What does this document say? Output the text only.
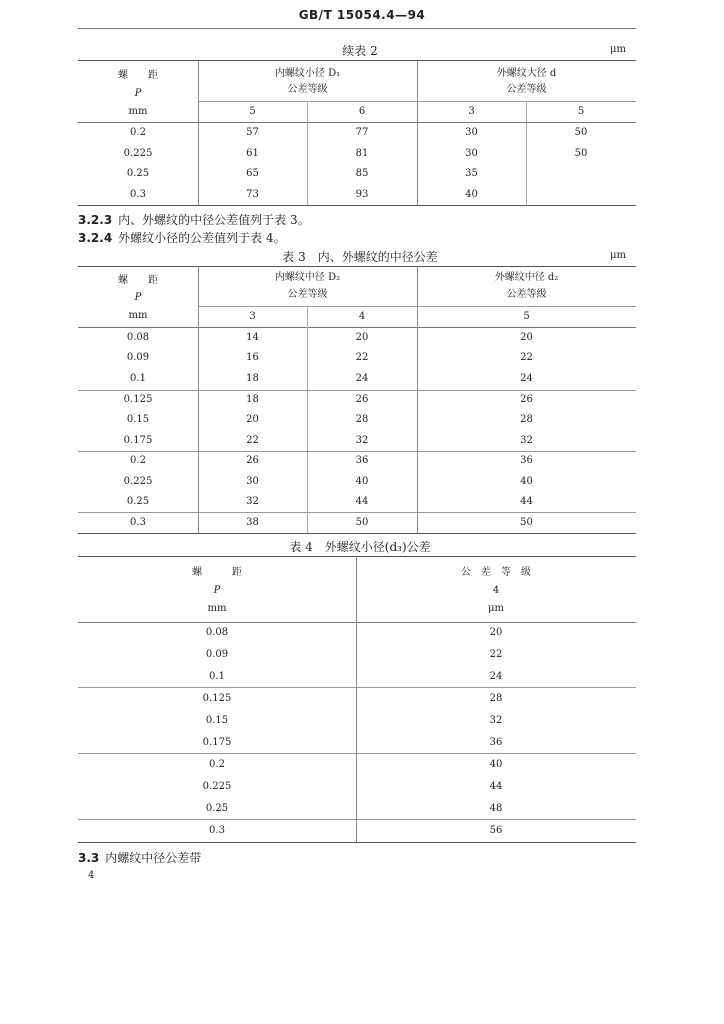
GB/T 15054.4—94
续表 2	μm
螺　　距
P
mm
内螺纹小径 D₁
公差等级
外螺纹大径 d
公差等级
5	6	3	5
0.2	57	77	30	50
0.225	61	81	30	50
0.25	65	85	35
0.3	73	93	40
3.2.3 内、外螺纹的中径公差值列于表 3。
3.2.4 外螺纹小径的公差值列于表 4。
表 3　内、外螺纹的中径公差	μm
螺　　距
P
mm
内螺纹中径 D₂
公差等级
外螺纹中径 d₂
公差等级
3	4	5
0.08	14	20	20
0.09	16	22	22
0.1	18	24	24
0.125	18	26	26
0.15	20	28	28
0.175	22	32	32
0.2	26	36	36
0.225	30	40	40
0.25	32	44	44
0.3	38	50	50
表 4　外螺纹小径(d₃)公差
螺　　　距
P
mm
公　差　等　级
4
μm
0.08	20
0.09	22
0.1	24
0.125	28
0.15	32
0.175	36
0.2	40
0.225	44
0.25	48
0.3	56
3.3 内螺纹中径公差带
4
